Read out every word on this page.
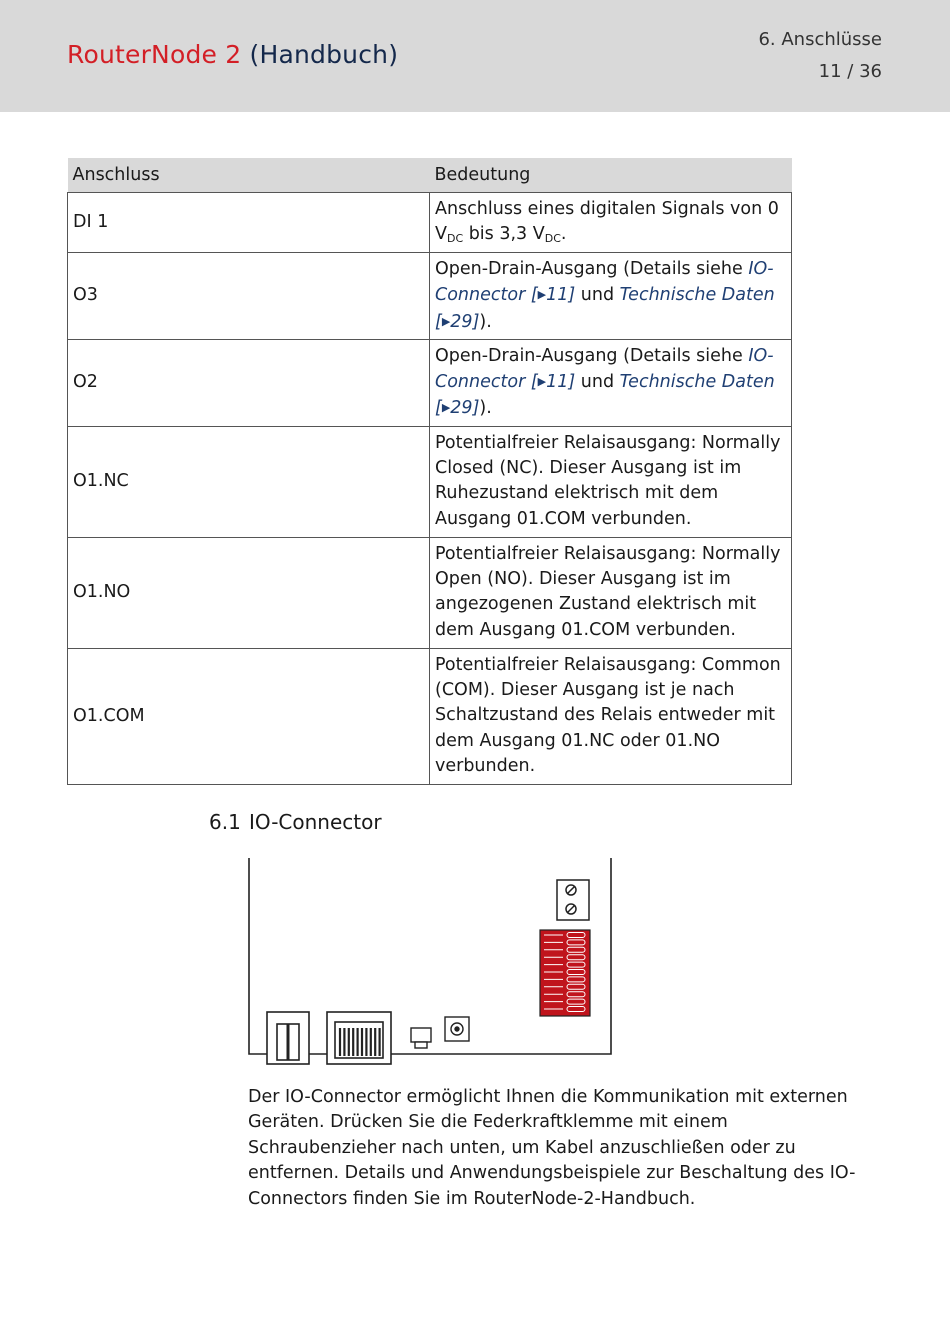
RouterNode 2 (Handbuch)
6. Anschlüsse
11 / 36
Anschluss	Bedeutung
DI 1	Anschluss eines digitalen Signals von 0 $V_{DC}$ bis 3,3 $V_{DC}$.
O3	Open-Drain-Ausgang (Details siehe IO-Connector [▶11] und Technische Daten [▶29]).
O2	Open-Drain-Ausgang (Details siehe IO-Connector [▶11] und Technische Daten [▶29]).
O1.NC	Potentialfreier Relaisausgang: Normally Closed (NC). Dieser Ausgang ist im Ruhezustand elektrisch mit dem Ausgang 01.COM verbunden.
O1.NO	Potentialfreier Relaisausgang: Normally Open (NO). Dieser Ausgang ist im angezogenen Zustand elektrisch mit dem Ausgang 01.COM verbunden.
O1.COM	Potentialfreier Relaisausgang: Common (COM). Dieser Ausgang ist je nach Schaltzustand des Relais entweder mit dem Ausgang 01.NC oder 01.NO verbunden.
6.1 IO-Connector
Der IO-Connector ermöglicht Ihnen die Kommunikation mit externen Geräten. Drücken Sie die Federkraftklemme mit einem Schraubenzieher nach unten, um Kabel anzuschließen oder zu entfernen. Details und Anwendungsbeispiele zur Beschaltung des IO-Connectors finden Sie im RouterNode-2-Handbuch.
